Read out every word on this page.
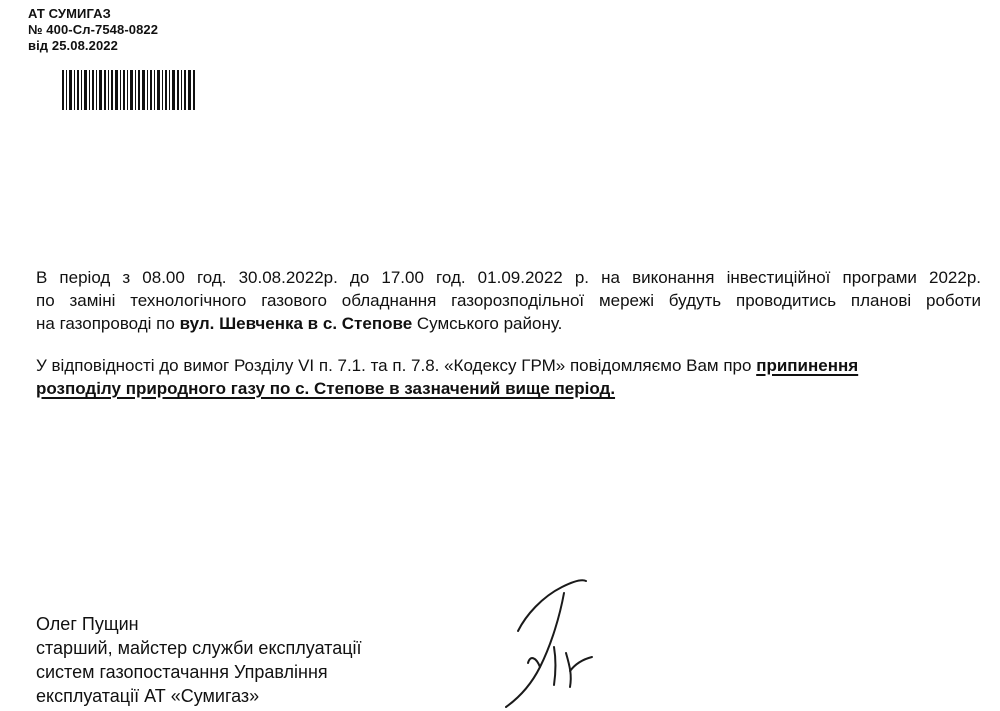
АТ СУМИГАЗ
№ 400-Сл-7548-0822
від 25.08.2022
В період з 08.00 год. 30.08.2022р. до 17.00 год. 01.09.2022 р. на виконання інвестиційної програми 2022р.
по заміні технологічного газового обладнання газорозподільної мережі будуть проводитись планові роботи
на газопроводі по вул. Шевченка в с. Степове Сумського району.
У відповідності до вимог Розділу VI п. 7.1. та п. 7.8. «Кодексу ГРМ» повідомляємо Вам про припинення
розподілу природного газу по с. Степове в зазначений вище період.
Олег Пущин
старший, майстер служби експлуатації
систем газопостачання Управління
експлуатації АТ «Сумигаз»
